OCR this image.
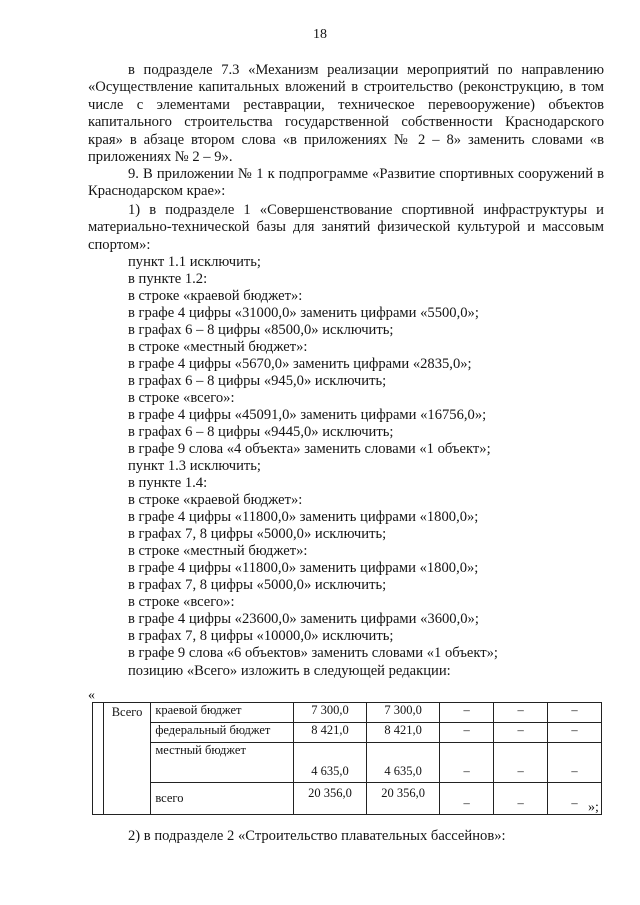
18
в подразделе 7.3 «Механизм реализации мероприятий по направлению «Осуществление капитальных вложений в строительство (реконструкцию, в том числе с элементами реставрации, техническое перевооружение) объектов капитального строительства государственной собственности Краснодарского края» в абзаце втором слова «в приложениях № 2 – 8» заменить словами «в приложениях № 2 – 9».
9. В приложении № 1 к подпрограмме «Развитие спортивных сооружений в Краснодарском крае»:
1) в подразделе 1 «Совершенствование спортивной инфраструктуры и материально-технической базы для занятий физической культурой и массовым спортом»:
пункт 1.1 исключить;
в пункте 1.2:
в строке «краевой бюджет»:
в графе 4 цифры «31000,0» заменить цифрами «5500,0»;
в графах 6 – 8 цифры «8500,0» исключить;
в строке «местный бюджет»:
в графе 4 цифры «5670,0» заменить цифрами «2835,0»;
в графах 6 – 8 цифры «945,0» исключить;
в строке «всего»:
в графе 4 цифры «45091,0» заменить цифрами «16756,0»;
в графах 6 – 8 цифры «9445,0» исключить;
в графе 9 слова «4 объекта» заменить словами «1 объект»;
пункт 1.3 исключить;
в пункте 1.4:
в строке «краевой бюджет»:
в графе 4 цифры «11800,0» заменить цифрами «1800,0»;
в графах 7, 8 цифры «5000,0» исключить;
в строке «местный бюджет»:
в графе 4 цифры «11800,0» заменить цифрами «1800,0»;
в графах 7, 8 цифры «5000,0» исключить;
в строке «всего»:
в графе 4 цифры «23600,0» заменить цифрами «3600,0»;
в графах 7, 8 цифры «10000,0» исключить;
в графе 9 слова «6 объектов» заменить словами «1 объект»;
позицию «Всего» изложить в следующей редакции:
«
	Всего	краевой бюджет	7 300,0	7 300,0	–	–	–
		федеральный бюджет	8 421,0	8 421,0	–	–	–
		местный бюджет	4 635,0	4 635,0	–	–	–
		всего	20 356,0	20 356,0	–	–	– »;
2) в подразделе 2 «Строительство плавательных бассейнов»:
